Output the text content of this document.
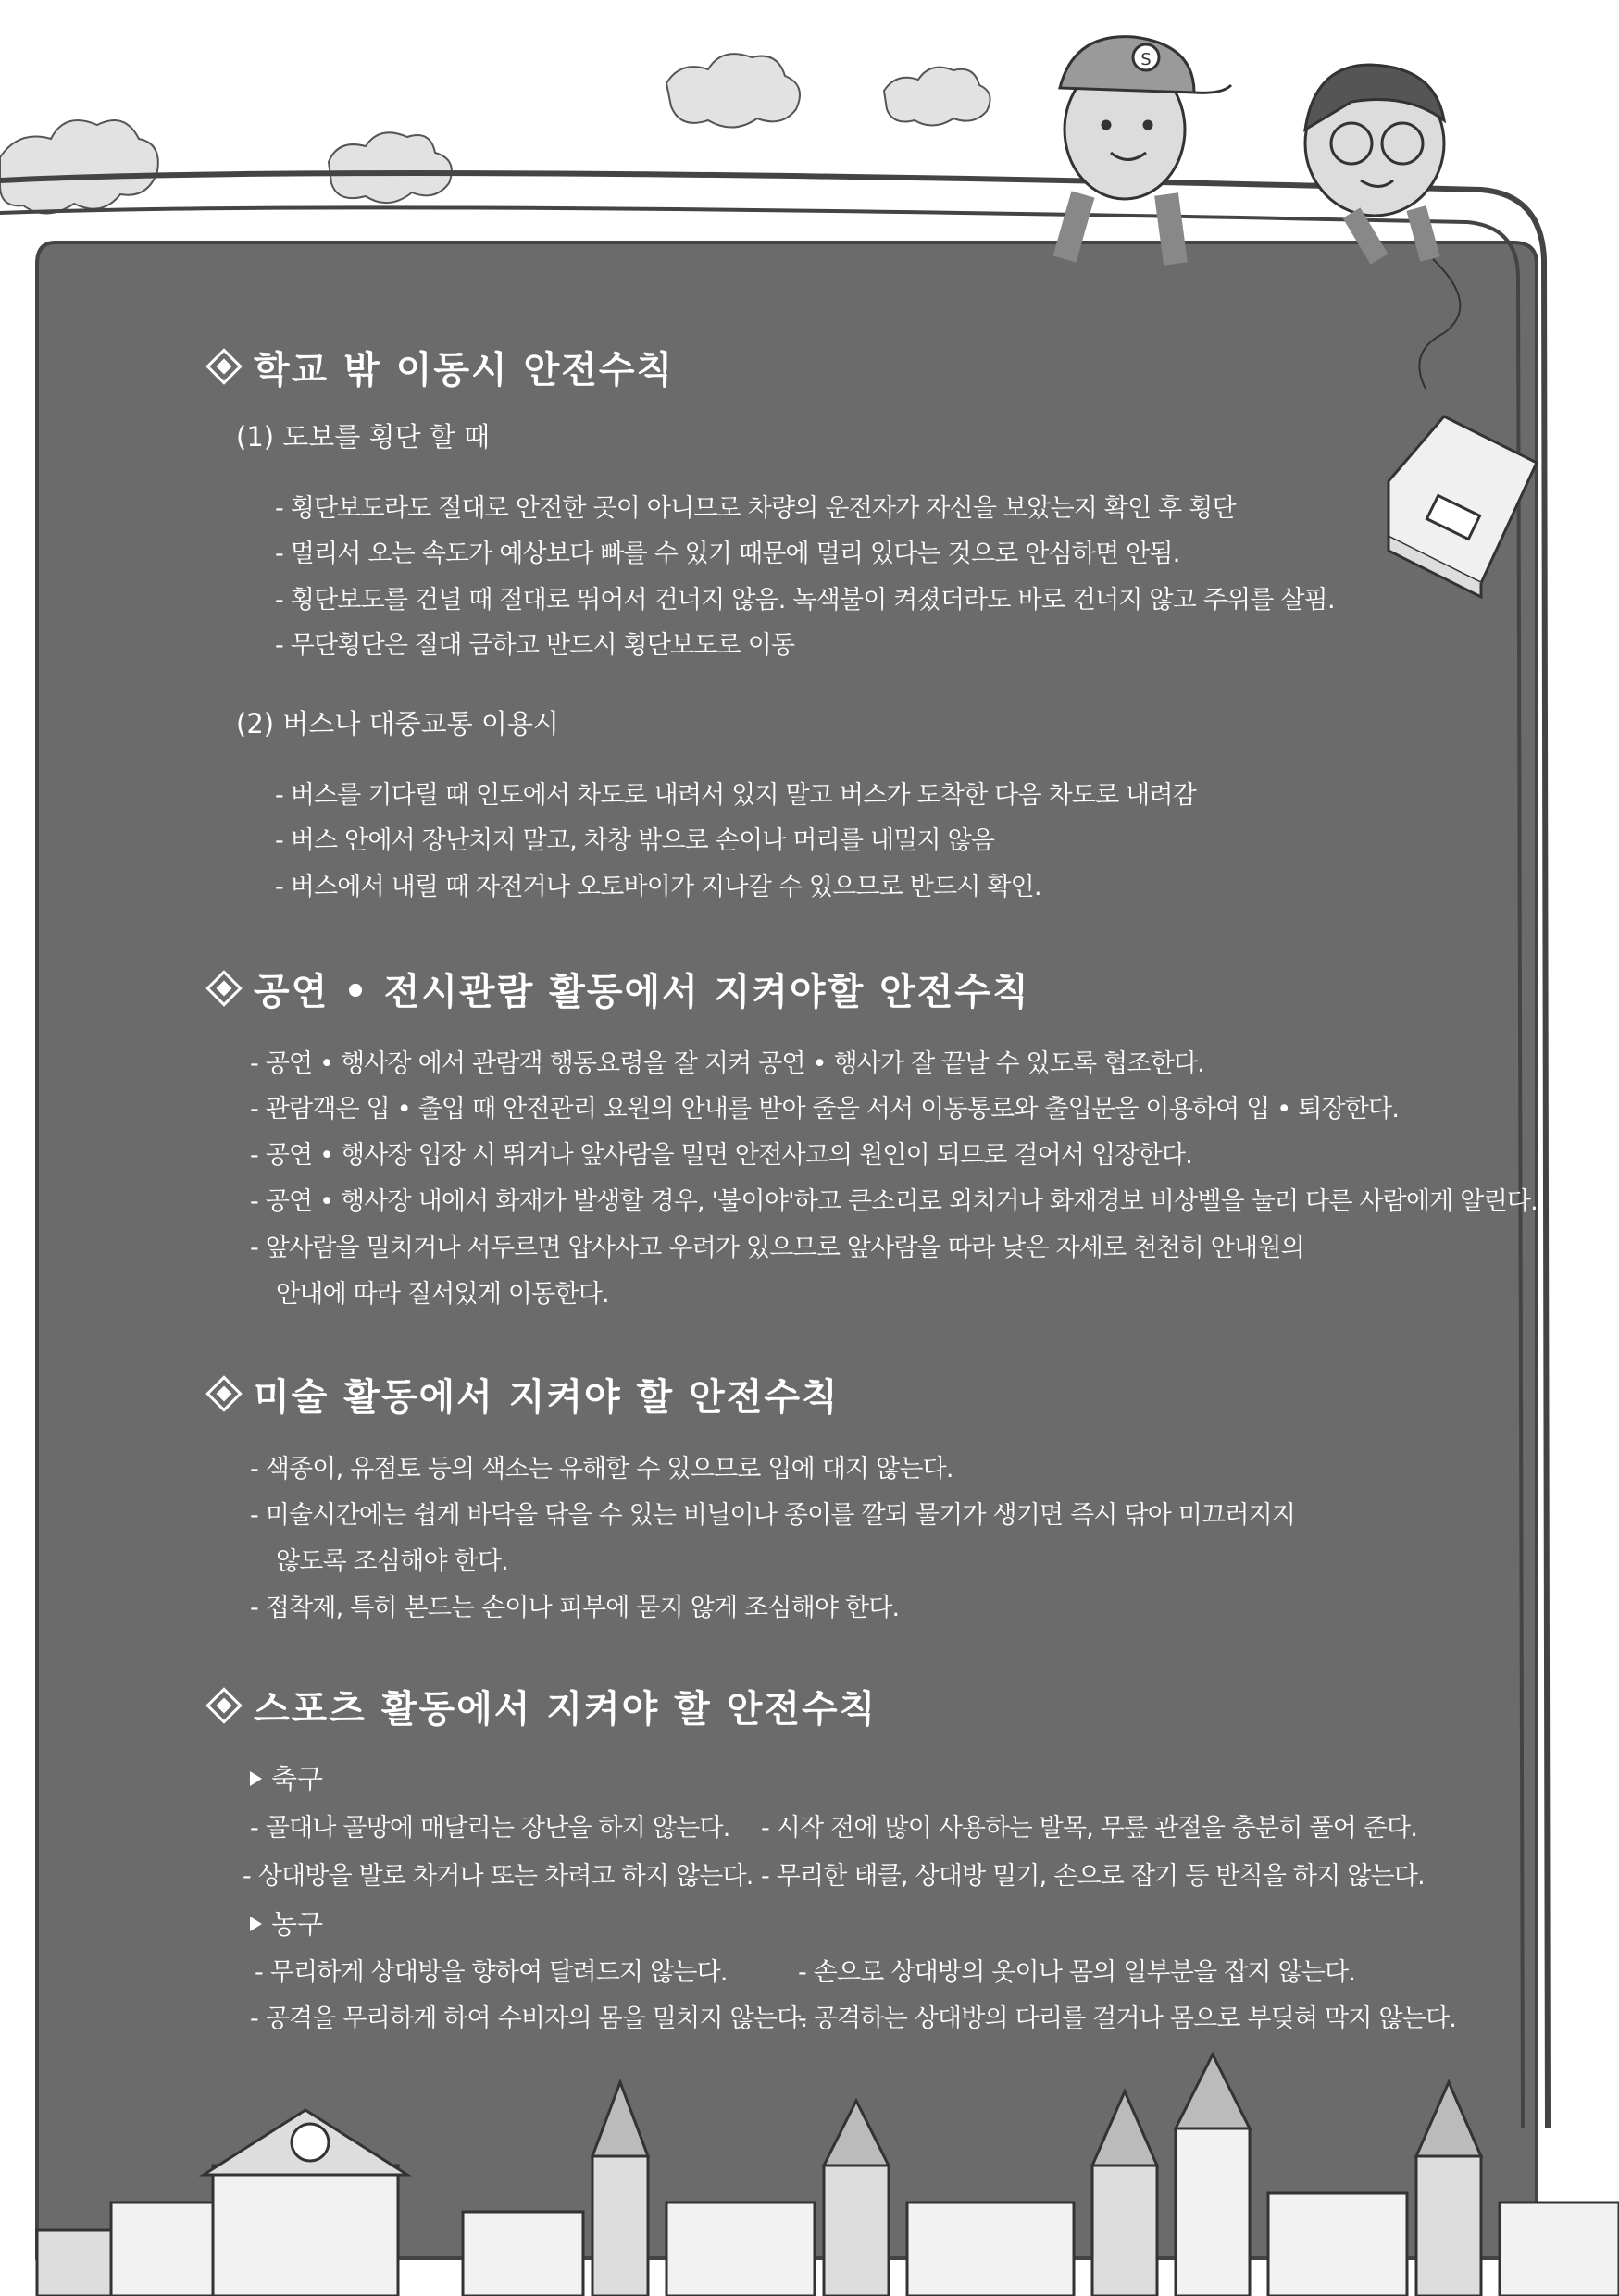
S
학교 밖 이동시 안전수칙
(1) 도보를 횡단 할 때
- 횡단보도라도 절대로 안전한 곳이 아니므로 차량의 운전자가 자신을 보았는지 확인 후 횡단
- 멀리서 오는 속도가 예상보다 빠를 수 있기 때문에 멀리 있다는 것으로 안심하면 안됨.
- 횡단보도를 건널 때 절대로 뛰어서 건너지 않음. 녹색불이 켜졌더라도 바로 건너지 않고 주위를 살핌.
- 무단횡단은 절대 금하고 반드시 횡단보도로 이동
(2) 버스나 대중교통 이용시
- 버스를 기다릴 때 인도에서 차도로 내려서 있지 말고 버스가 도착한 다음 차도로 내려감
- 버스 안에서 장난치지 말고, 차창 밖으로 손이나 머리를 내밀지 않음
- 버스에서 내릴 때 자전거나 오토바이가 지나갈 수 있으므로 반드시 확인.
공연 • 전시관람 활동에서 지켜야할 안전수칙
- 공연 • 행사장 에서 관람객 행동요령을 잘 지켜 공연 • 행사가 잘 끝날 수 있도록 협조한다.
- 관람객은 입 • 출입 때 안전관리 요원의 안내를 받아 줄을 서서 이동통로와 출입문을 이용하여 입 • 퇴장한다.
- 공연 • 행사장 입장 시 뛰거나 앞사람을 밀면 안전사고의 원인이 되므로 걸어서 입장한다.
- 공연 • 행사장 내에서 화재가 발생할 경우, '불이야'하고 큰소리로 외치거나 화재경보 비상벨을 눌러 다른 사람에게 알린다.
- 앞사람을 밀치거나 서두르면 압사사고 우려가 있으므로 앞사람을 따라 낮은 자세로 천천히 안내원의
안내에 따라 질서있게 이동한다.
미술 활동에서 지켜야 할 안전수칙
- 색종이, 유점토 등의 색소는 유해할 수 있으므로 입에 대지 않는다.
- 미술시간에는 쉽게 바닥을 닦을 수 있는 비닐이나 종이를 깔되 물기가 생기면 즉시 닦아 미끄러지지
않도록 조심해야 한다.
- 접착제, 특히 본드는 손이나 피부에 묻지 않게 조심해야 한다.
스포츠 활동에서 지켜야 할 안전수칙
축구
- 골대나 골망에 매달리는 장난을 하지 않는다. - 시작 전에 많이 사용하는 발목, 무릎 관절을 충분히 풀어 준다.
- 상대방을 발로 차거나 또는 차려고 하지 않는다. - 무리한 태클, 상대방 밀기, 손으로 잡기 등 반칙을 하지 않는다.
농구
- 무리하게 상대방을 향하여 달려드지 않는다.	- 손으로 상대방의 옷이나 몸의 일부분을 잡지 않는다.
- 공격을 무리하게 하여 수비자의 몸을 밀치지 않는다.
- 공격하는 상대방의 다리를 걸거나 몸으로 부딪혀 막지 않는다.
